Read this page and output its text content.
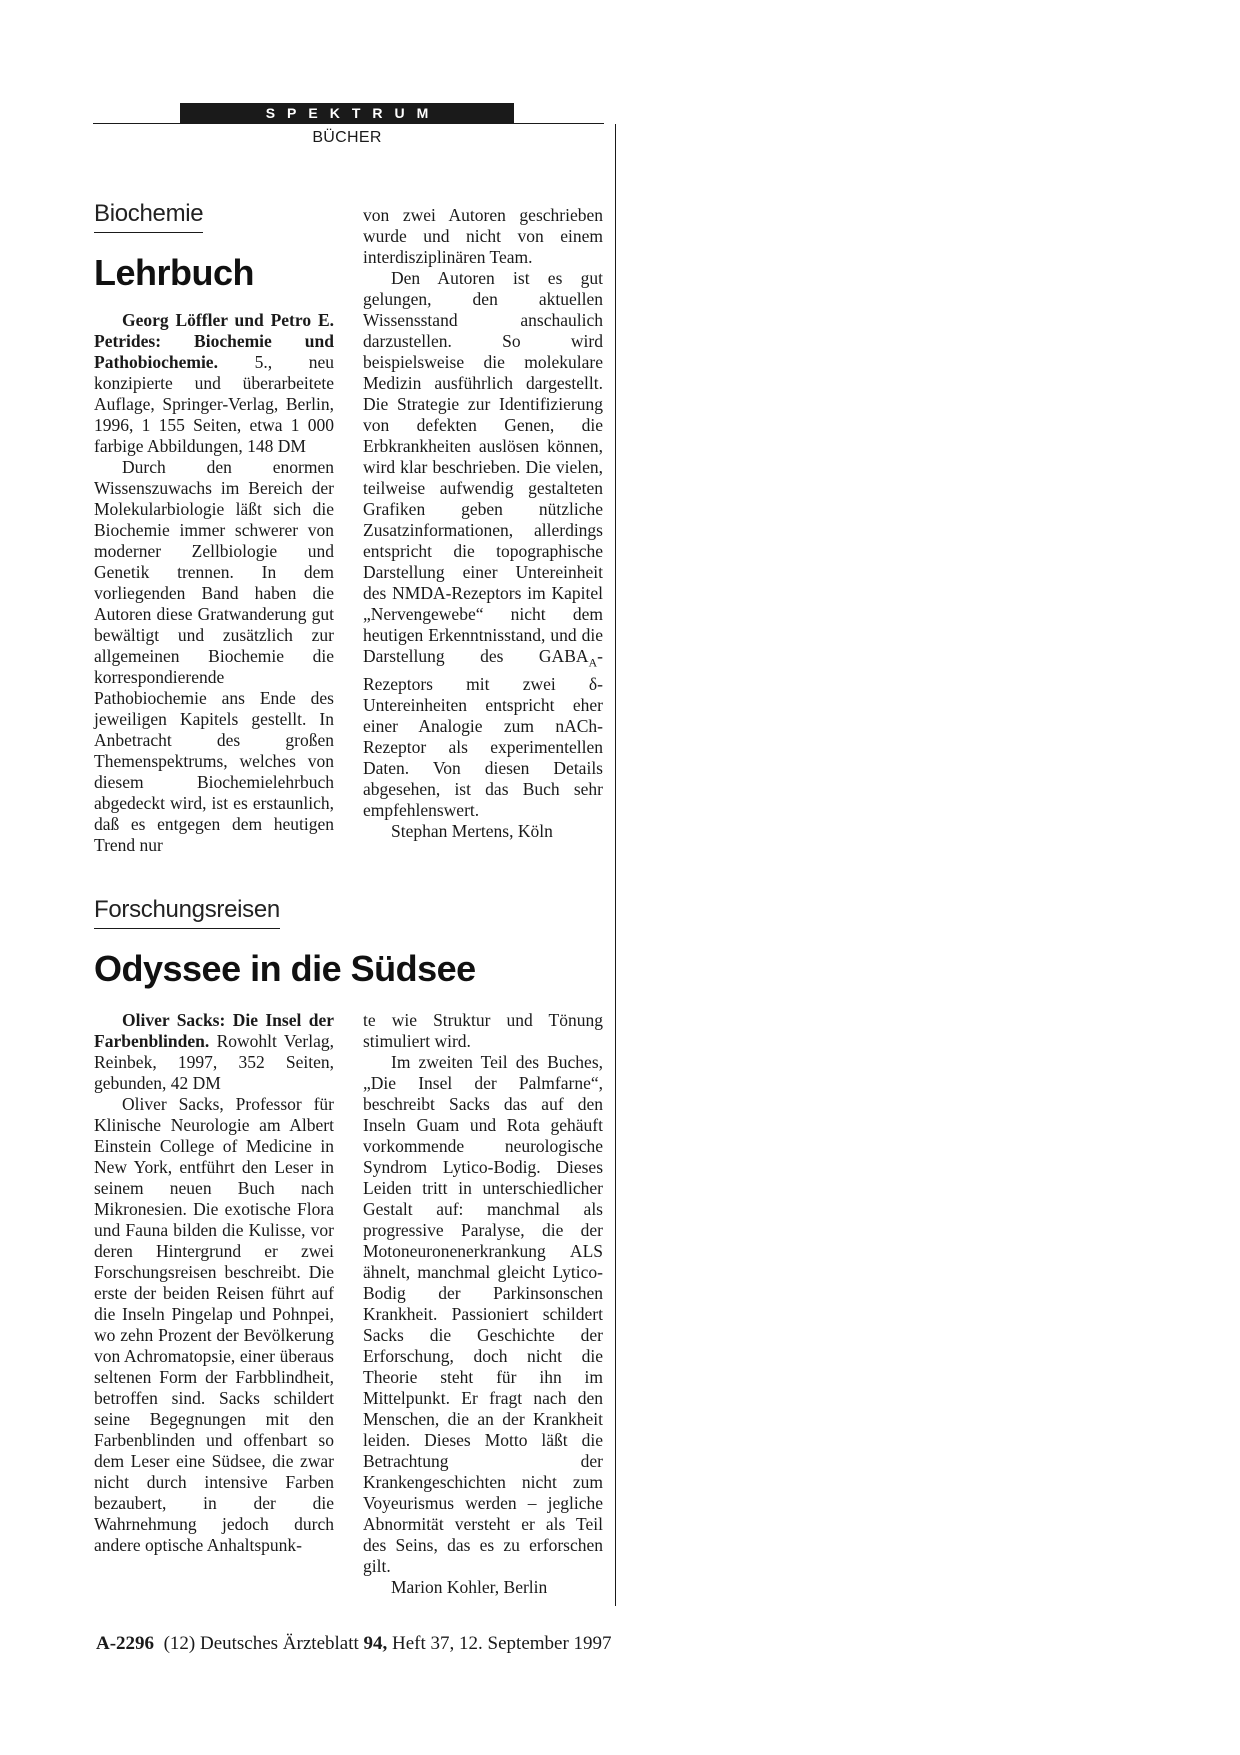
SPEKTRUM
BÜCHER
Biochemie
Lehrbuch

Georg Löffler und Petro E. Petrides: Biochemie und Pathobiochemie. 5., neu konzipierte und überarbeitete Auflage, Springer-Verlag, Berlin, 1996, 1 155 Seiten, etwa 1 000 farbige Abbildungen, 148 DM

Durch den enormen Wissenszuwachs im Bereich der Molekularbiologie läßt sich die Biochemie immer schwerer von moderner Zellbiologie und Genetik trennen. In dem vorliegenden Band haben die Autoren diese Gratwanderung gut bewältigt und zusätzlich zur allgemeinen Biochemie die korrespondierende Pathobiochemie ans Ende des jeweiligen Kapitels gestellt. In Anbetracht des großen Themenspektrums, welches von diesem Biochemielehrbuch abgedeckt wird, ist es erstaunlich, daß es entgegen dem heutigen Trend nur

von zwei Autoren geschrieben wurde und nicht von einem interdisziplinären Team.

Den Autoren ist es gut gelungen, den aktuellen Wissensstand anschaulich darzustellen. So wird beispielsweise die molekulare Medizin ausführlich dargestellt. Die Strategie zur Identifizierung von defekten Genen, die Erbkrankheiten auslösen können, wird klar beschrieben. Die vielen, teilweise aufwendig gestalteten Grafiken geben nützliche Zusatzinformationen, allerdings entspricht die topographische Darstellung einer Untereinheit des NMDA-Rezeptors im Kapitel „Nervengewebe“ nicht dem heutigen Erkenntnisstand, und die Darstellung des $GABA_A$-Rezeptors mit zwei δ-Untereinheiten entspricht eher einer Analogie zum nACh-Rezeptor als experimentellen Daten. Von diesen Details abgesehen, ist das Buch sehr empfehlenswert.

Stephan Mertens, Köln

Forschungsreisen
Odyssee in die Südsee

Oliver Sacks: Die Insel der Farbenblinden. Rowohlt Verlag, Reinbek, 1997, 352 Seiten, gebunden, 42 DM

Oliver Sacks, Professor für Klinische Neurologie am Albert Einstein College of Medicine in New York, entführt den Leser in seinem neuen Buch nach Mikronesien. Die exotische Flora und Fauna bilden die Kulisse, vor deren Hintergrund er zwei Forschungsreisen beschreibt. Die erste der beiden Reisen führt auf die Inseln Pingelap und Pohnpei, wo zehn Prozent der Bevölkerung von Achromatopsie, einer überaus seltenen Form der Farbblindheit, betroffen sind. Sacks schildert seine Begegnungen mit den Farbenblinden und offenbart so dem Leser eine Südsee, die zwar nicht durch intensive Farben bezaubert, in der die Wahrnehmung jedoch durch andere optische Anhaltspunk-

te wie Struktur und Tönung stimuliert wird.

Im zweiten Teil des Buches, „Die Insel der Palmfarne“, beschreibt Sacks das auf den Inseln Guam und Rota gehäuft vorkommende neurologische Syndrom Lytico-Bodig. Dieses Leiden tritt in unterschiedlicher Gestalt auf: manchmal als progressive Paralyse, die der Motoneuronenerkrankung ALS ähnelt, manchmal gleicht Lytico-Bodig der Parkinsonschen Krankheit. Passioniert schildert Sacks die Geschichte der Erforschung, doch nicht die Theorie steht für ihn im Mittelpunkt. Er fragt nach den Menschen, die an der Krankheit leiden. Dieses Motto läßt die Betrachtung der Krankengeschichten nicht zum Voyeurismus werden – jegliche Abnormität versteht er als Teil des Seins, das es zu erforschen gilt.

Marion Kohler, Berlin

A-2296  (12) Deutsches Ärzteblatt 94, Heft 37, 12. September 1997
